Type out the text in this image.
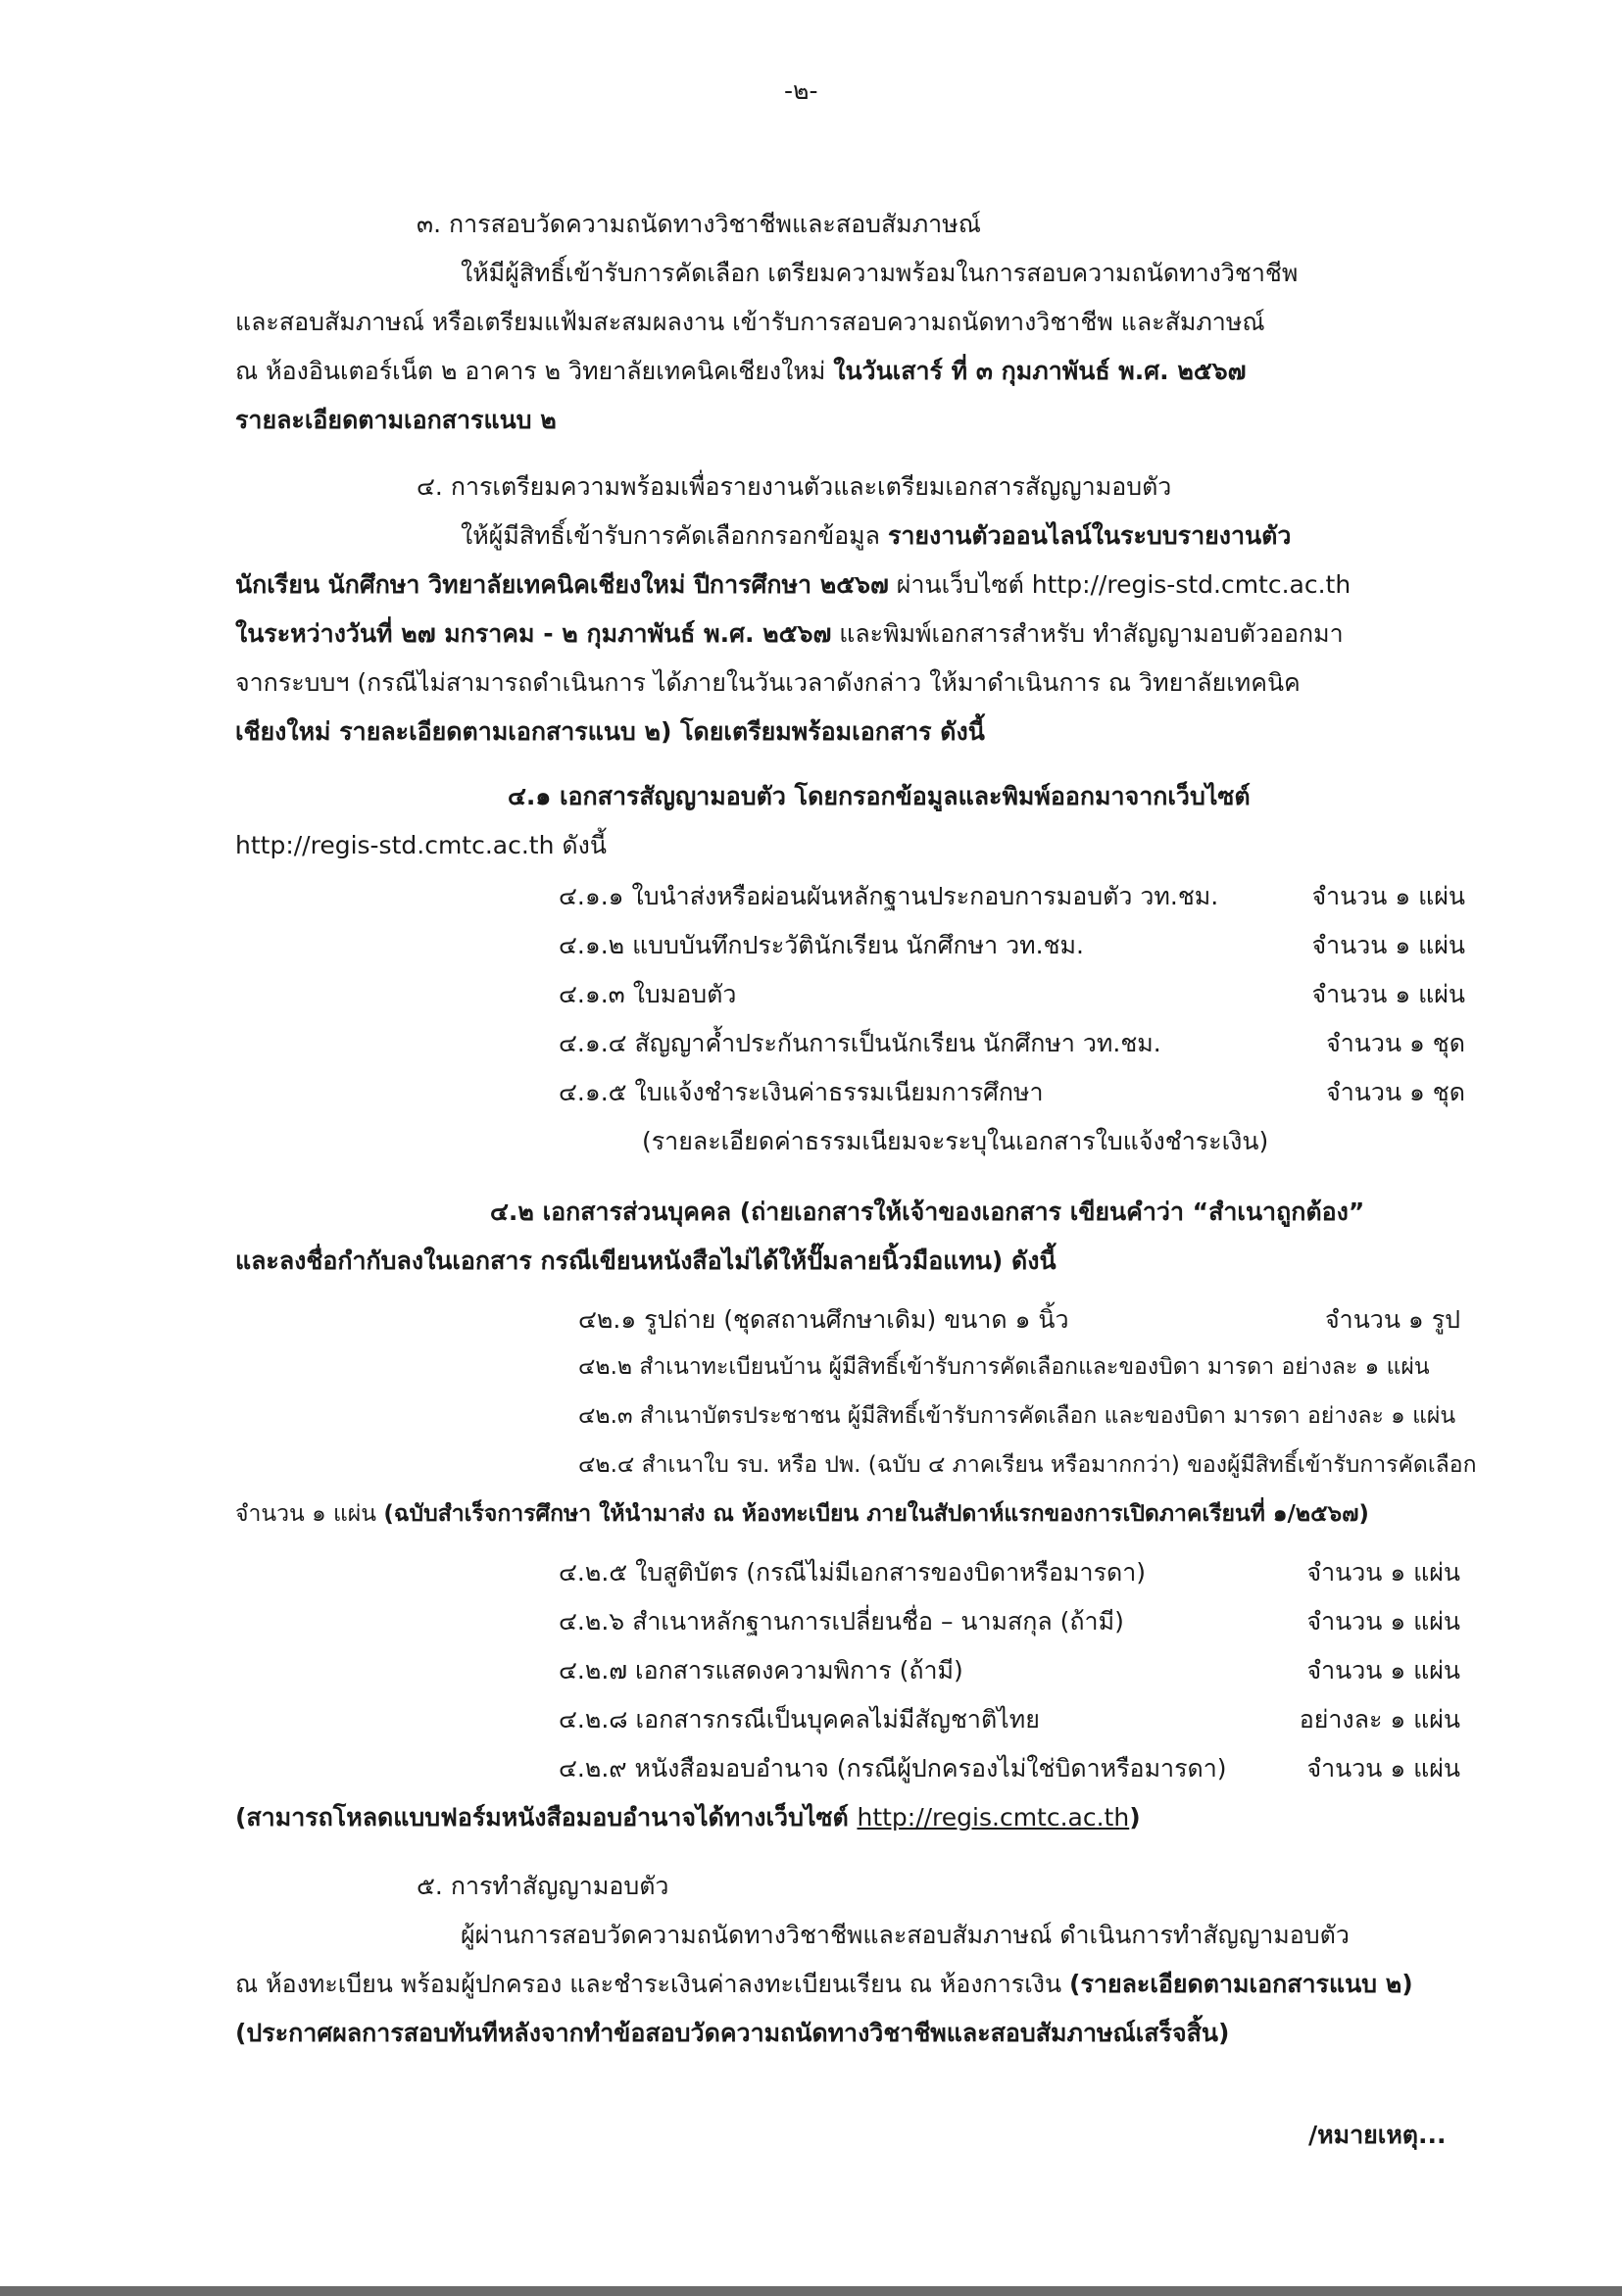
-๒-
๓. การสอบวัดความถนัดทางวิชาชีพและสอบสัมภาษณ์
ให้มีผู้สิทธิ์เข้ารับการคัดเลือก เตรียมความพร้อมในการสอบความถนัดทางวิชาชีพ
และสอบสัมภาษณ์ หรือเตรียมแฟ้มสะสมผลงาน เข้ารับการสอบความถนัดทางวิชาชีพ และสัมภาษณ์
ณ ห้องอินเตอร์เน็ต ๒ อาคาร ๒ วิทยาลัยเทคนิคเชียงใหม่ ในวันเสาร์ ที่ ๓ กุมภาพันธ์ พ.ศ. ๒๕๖๗
รายละเอียดตามเอกสารแนบ ๒
๔. การเตรียมความพร้อมเพื่อรายงานตัวและเตรียมเอกสารสัญญามอบตัว
ให้ผู้มีสิทธิ์เข้ารับการคัดเลือกกรอกข้อมูล รายงานตัวออนไลน์ในระบบรายงานตัว
นักเรียน นักศึกษา วิทยาลัยเทคนิคเชียงใหม่ ปีการศึกษา ๒๕๖๗ ผ่านเว็บไซต์ http://regis-std.cmtc.ac.th
ในระหว่างวันที่ ๒๗ มกราคม - ๒ กุมภาพันธ์ พ.ศ. ๒๕๖๗ และพิมพ์เอกสารสำหรับ ทำสัญญามอบตัวออกมา
จากระบบฯ (กรณีไม่สามารถดำเนินการ ได้ภายในวันเวลาดังกล่าว ให้มาดำเนินการ ณ วิทยาลัยเทคนิค
เชียงใหม่ รายละเอียดตามเอกสารแนบ ๒) โดยเตรียมพร้อมเอกสาร ดังนี้
๔.๑ เอกสารสัญญามอบตัว โดยกรอกข้อมูลและพิมพ์ออกมาจากเว็บไซต์
http://regis-std.cmtc.ac.th ดังนี้
๔.๑.๑ ใบนำส่งหรือผ่อนผันหลักฐานประกอบการมอบตัว วท.ชม.	จำนวน ๑ แผ่น
๔.๑.๒ แบบบันทึกประวัตินักเรียน นักศึกษา วท.ชม.	จำนวน ๑ แผ่น
๔.๑.๓ ใบมอบตัว	จำนวน ๑ แผ่น
๔.๑.๔ สัญญาค้ำประกันการเป็นนักเรียน นักศึกษา วท.ชม.	จำนวน ๑ ชุด
๔.๑.๕ ใบแจ้งชำระเงินค่าธรรมเนียมการศึกษา	จำนวน ๑ ชุด
(รายละเอียดค่าธรรมเนียมจะระบุในเอกสารใบแจ้งชำระเงิน)
๔.๒ เอกสารส่วนบุคคล (ถ่ายเอกสารให้เจ้าของเอกสาร เขียนคำว่า “สำเนาถูกต้อง”
และลงชื่อกำกับลงในเอกสาร กรณีเขียนหนังสือไม่ได้ให้ปั๊มลายนิ้วมือแทน) ดังนี้
๔๒.๑ รูปถ่าย (ชุดสถานศึกษาเดิม) ขนาด ๑ นิ้ว	จำนวน ๑ รูป
๔๒.๒ สำเนาทะเบียนบ้าน ผู้มีสิทธิ์เข้ารับการคัดเลือกและของบิดา มารดา อย่างละ ๑ แผ่น
๔๒.๓ สำเนาบัตรประชาชน ผู้มีสิทธิ์เข้ารับการคัดเลือก และของบิดา มารดา อย่างละ ๑ แผ่น
๔๒.๔ สำเนาใบ รบ. หรือ ปพ. (ฉบับ ๔ ภาคเรียน หรือมากกว่า) ของผู้มีสิทธิ์เข้ารับการคัดเลือก
จำนวน ๑ แผ่น (ฉบับสำเร็จการศึกษา ให้นำมาส่ง ณ ห้องทะเบียน ภายในสัปดาห์แรกของการเปิดภาคเรียนที่ ๑/๒๕๖๗)
๔.๒.๕ ใบสูติบัตร (กรณีไม่มีเอกสารของบิดาหรือมารดา)	จำนวน ๑ แผ่น
๔.๒.๖ สำเนาหลักฐานการเปลี่ยนชื่อ – นามสกุล (ถ้ามี)	จำนวน ๑ แผ่น
๔.๒.๗ เอกสารแสดงความพิการ (ถ้ามี)	จำนวน ๑ แผ่น
๔.๒.๘ เอกสารกรณีเป็นบุคคลไม่มีสัญชาติไทย	อย่างละ ๑ แผ่น
๔.๒.๙ หนังสือมอบอำนาจ (กรณีผู้ปกครองไม่ใช่บิดาหรือมารดา)	จำนวน ๑ แผ่น
(สามารถโหลดแบบฟอร์มหนังสือมอบอำนาจได้ทางเว็บไซต์ http://regis.cmtc.ac.th)
๕. การทำสัญญามอบตัว
ผู้ผ่านการสอบวัดความถนัดทางวิชาชีพและสอบสัมภาษณ์ ดำเนินการทำสัญญามอบตัว
ณ ห้องทะเบียน พร้อมผู้ปกครอง และชำระเงินค่าลงทะเบียนเรียน ณ ห้องการเงิน (รายละเอียดตามเอกสารแนบ ๒)
(ประกาศผลการสอบทันทีหลังจากทำข้อสอบวัดความถนัดทางวิชาชีพและสอบสัมภาษณ์เสร็จสิ้น)
/หมายเหตุ...
